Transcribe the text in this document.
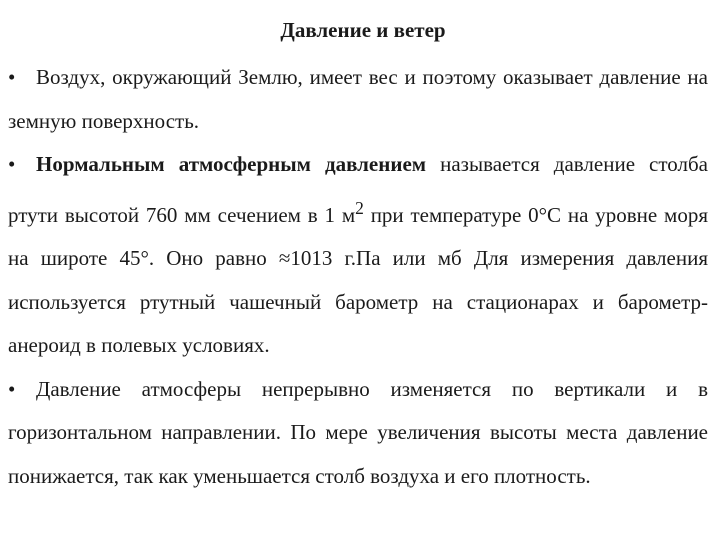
Давление и ветер

• Воздух, окружающий Землю, имеет вес и поэтому оказывает давление на земную поверхность.

• Нормальным атмосферным давлением называется давление столба ртути высотой 760 мм сечением в 1 $м^2$ при температуре 0°С на уровне моря на широте 45°. Оно равно ≈1013 г.Па или мб Для измерения давления используется ртутный чашечный барометр на стационарах и барометр-анероид в полевых условиях.

• Давление атмосферы непрерывно изменяется по вертикали и в горизонтальном направлении. По мере увеличения высоты места давление понижается, так как уменьшается столб воздуха и его плотность.
